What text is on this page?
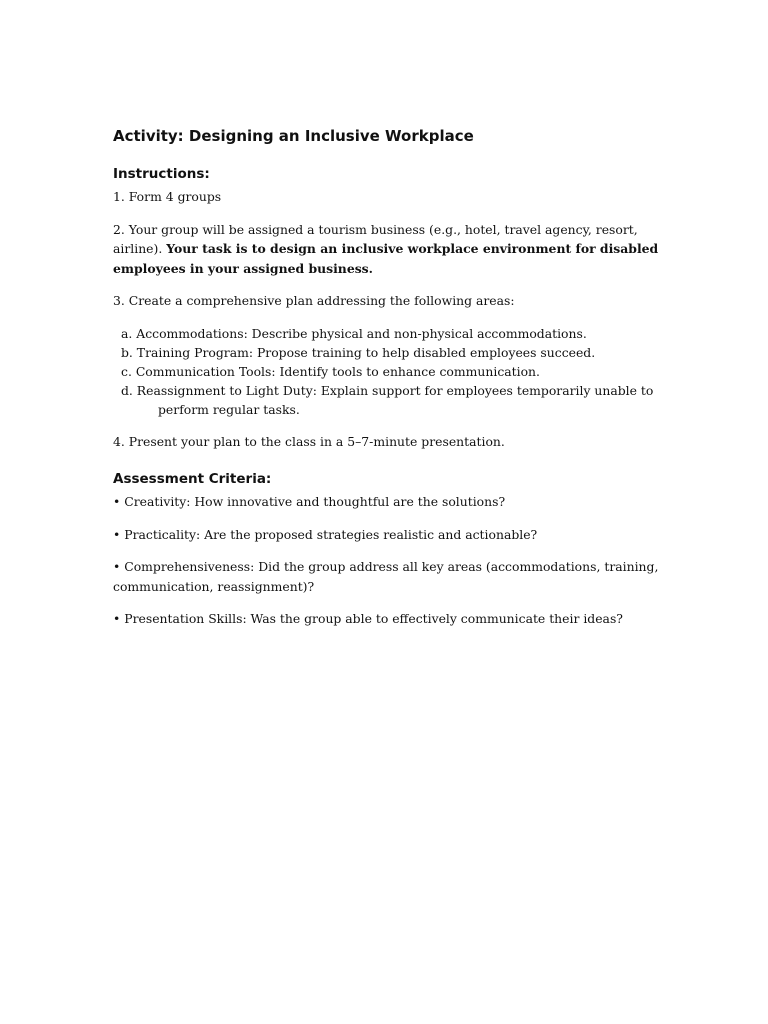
Activity: Designing an Inclusive Workplace
Instructions:
1. Form 4 groups
2. Your group will be assigned a tourism business (e.g., hotel, travel agency, resort, airline). Your task is to design an inclusive workplace environment for disabled employees in your assigned business.
3. Create a comprehensive plan addressing the following areas:
a. Accommodations: Describe physical and non-physical accommodations.
b. Training Program: Propose training to help disabled employees succeed.
c. Communication Tools: Identify tools to enhance communication.
d. Reassignment to Light Duty: Explain support for employees temporarily unable to
perform regular tasks.
4. Present your plan to the class in a 5–7-minute presentation.
Assessment Criteria:
• Creativity: How innovative and thoughtful are the solutions?
• Practicality: Are the proposed strategies realistic and actionable?
• Comprehensiveness: Did the group address all key areas (accommodations, training, communication, reassignment)?
• Presentation Skills: Was the group able to effectively communicate their ideas?
